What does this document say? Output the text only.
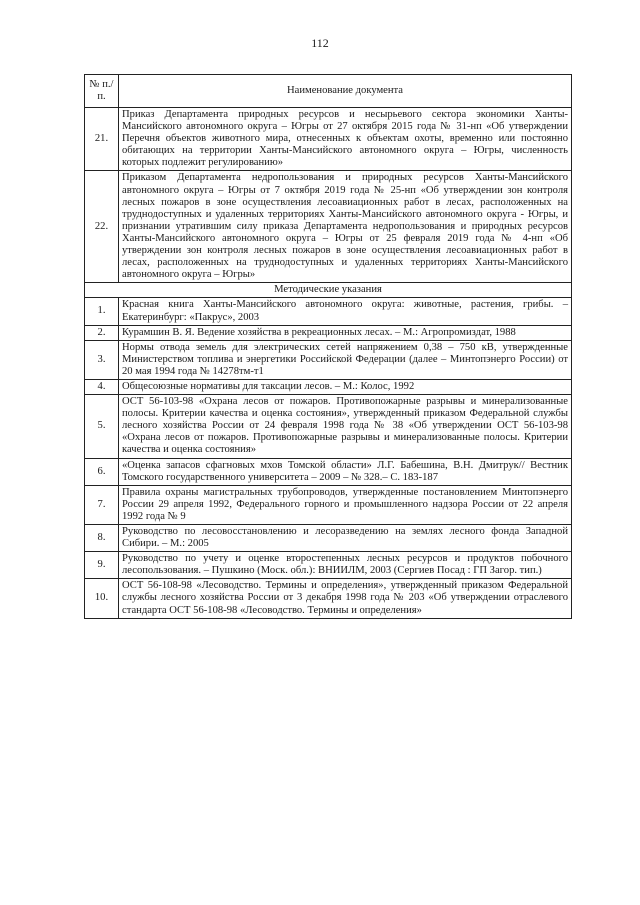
112
№ п./п.	Наименование документа
21.	Приказ Департамента природных ресурсов и несырьевого сектора экономики Ханты-Мансийского автономного округа – Югры от 27 октября 2015 года № 31-нп «Об утверждении Перечня объектов животного мира, отнесенных к объектам охоты, временно или постоянно обитающих на территории Ханты-Мансийского автономного округа – Югры, численность которых подлежит регулированию»
22.	Приказом Департамента недропользования и природных ресурсов Ханты-Мансийского автономного округа – Югры от 7 октября 2019 года № 25-нп «Об утверждении зон контроля лесных пожаров в зоне осуществления лесоавиационных работ в лесах, расположенных на труднодоступных и удаленных территориях Ханты-Мансийского автономного округа - Югры, и признании утратившим силу приказа Департамента недропользования и природных ресурсов Ханты-Мансийского автономного округа – Югры от 25 февраля 2019 года № 4-нп «Об утверждении зон контроля лесных пожаров в зоне осуществления лесоавиационных работ в лесах, расположенных на труднодоступных и удаленных территориях Ханты-Мансийского автономного округа – Югры»
Методические указания	
1.	Красная книга Ханты-Мансийского автономного округа: животные, растения, грибы. – Екатеринбург: «Пакрус», 2003
2.	Курамшин В. Я. Ведение хозяйства в рекреационных лесах. – М.: Агропромиздат, 1988
3.	Нормы отвода земель для электрических сетей напряжением 0,38 – 750 кВ, утвержденные Министерством топлива и энергетики Российской Федерации (далее – Минтопэнерго России) от 20 мая 1994 года № 14278тм-т1
4.	Общесоюзные нормативы для таксации лесов. – М.: Колос, 1992
5.	ОСТ 56-103-98 «Охрана лесов от пожаров. Противопожарные разрывы и минерализованные полосы. Критерии качества и оценка состояния», утвержденный приказом Федеральной службы лесного хозяйства России от 24 февраля 1998 года № 38 «Об утверждении ОСТ 56-103-98 «Охрана лесов от пожаров. Противопожарные разрывы и минерализованные полосы. Критерии качества и оценка состояния»
6.	«Оценка запасов сфагновых мхов Томской области» Л.Г. Бабешина, В.Н. Дмитрук// Вестник Томского государственного университета – 2009 – № 328.– С. 183-187
7.	Правила охраны магистральных трубопроводов, утвержденные постановлением Минтопэнерго России 29 апреля 1992, Федерального горного и промышленного надзора России от 22 апреля 1992 года № 9
8.	Руководство по лесовосстановлению и лесоразведению на землях лесного фонда Западной Сибири. – М.: 2005
9.	Руководство по учету и оценке второстепенных лесных ресурсов и продуктов побочного лесопользования. – Пушкино (Моск. обл.): ВНИИЛМ, 2003 (Сергиев Посад : ГП Загор. тип.)
10.	ОСТ 56-108-98 «Лесоводство. Термины и определения», утвержденный приказом Федеральной службы лесного хозяйства России от 3 декабря 1998 года № 203 «Об утверждении отраслевого стандарта ОСТ 56-108-98 «Лесоводство. Термины и определения»
